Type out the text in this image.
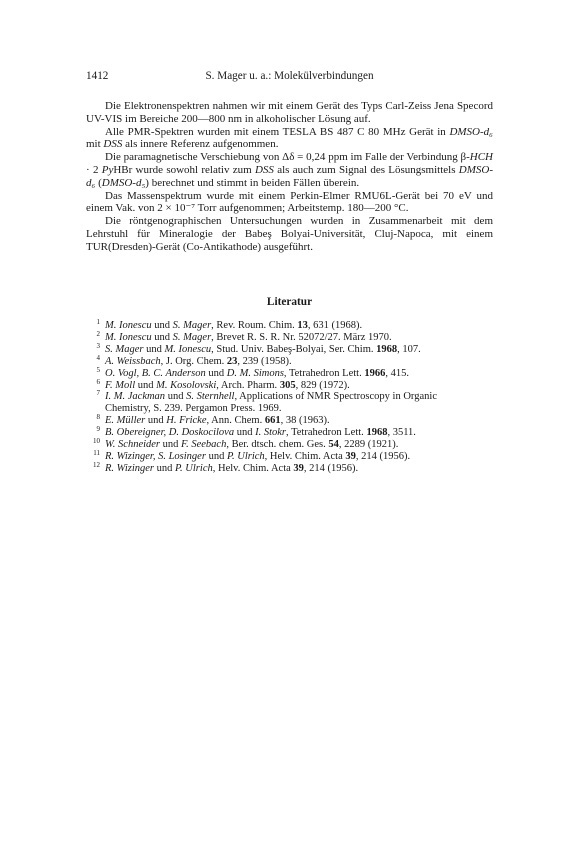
1412	S. Mager u. a.: Molekülverbindungen

Die Elektronenspektren nahmen wir mit einem Gerät des Typs Carl-Zeiss Jena Specord UV-VIS im Bereiche 200—800 nm in alkoholischer Lösung auf.

Alle PMR-Spektren wurden mit einem TESLA BS 487 C 80 MHz Gerät in DMSO-d₆ mit DSS als innere Referenz aufgenommen.

Die paramagnetische Verschiebung von Δδ = 0,24 ppm im Falle der Verbindung β-HCH · 2 PyHBr wurde sowohl relativ zum DSS als auch zum Signal des Lösungsmittels DMSO-d₆ (DMSO-d₅) berechnet und stimmt in beiden Fällen überein.

Das Massenspektrum wurde mit einem Perkin-Elmer RMU6L-Gerät bei 70 eV und einem Vak. von 2 × 10⁻⁷ Torr aufgenommen; Arbeitstemp. 180—200 °C.

Die röntgenographischen Untersuchungen wurden in Zusammenarbeit mit dem Lehrstuhl für Mineralogie der Babeş Bolyai-Universität, Cluj-Napoca, mit einem TUR(Dresden)-Gerät (Co-Antikathode) ausgeführt.

Literatur
1 M. Ionescu und S. Mager, Rev. Roum. Chim. 13, 631 (1968).
2 M. Ionescu und S. Mager, Brevet R. S. R. Nr. 52072/27. März 1970.
3 S. Mager und M. Ionescu, Stud. Univ. Babeş-Bolyai, Ser. Chim. 1968, 107.
4 A. Weissbach, J. Org. Chem. 23, 239 (1958).
5 O. Vogl, B. C. Anderson und D. M. Simons, Tetrahedron Lett. 1966, 415.
6 F. Moll und M. Kosolovski, Arch. Pharm. 305, 829 (1972).
7 I. M. Jackman und S. Sternhell, Applications of NMR Spectroscopy in Organic Chemistry, S. 239. Pergamon Press. 1969.
8 E. Müller und H. Fricke, Ann. Chem. 661, 38 (1963).
9 B. Obereigner, D. Doskocilova und I. Stokr, Tetrahedron Lett. 1968, 3511.
10 W. Schneider und F. Seebach, Ber. dtsch. chem. Ges. 54, 2289 (1921).
11 R. Wizinger, S. Losinger und P. Ulrich, Helv. Chim. Acta 39, 214 (1956).
12 R. Wizinger und P. Ulrich, Helv. Chim. Acta 39, 214 (1956).
